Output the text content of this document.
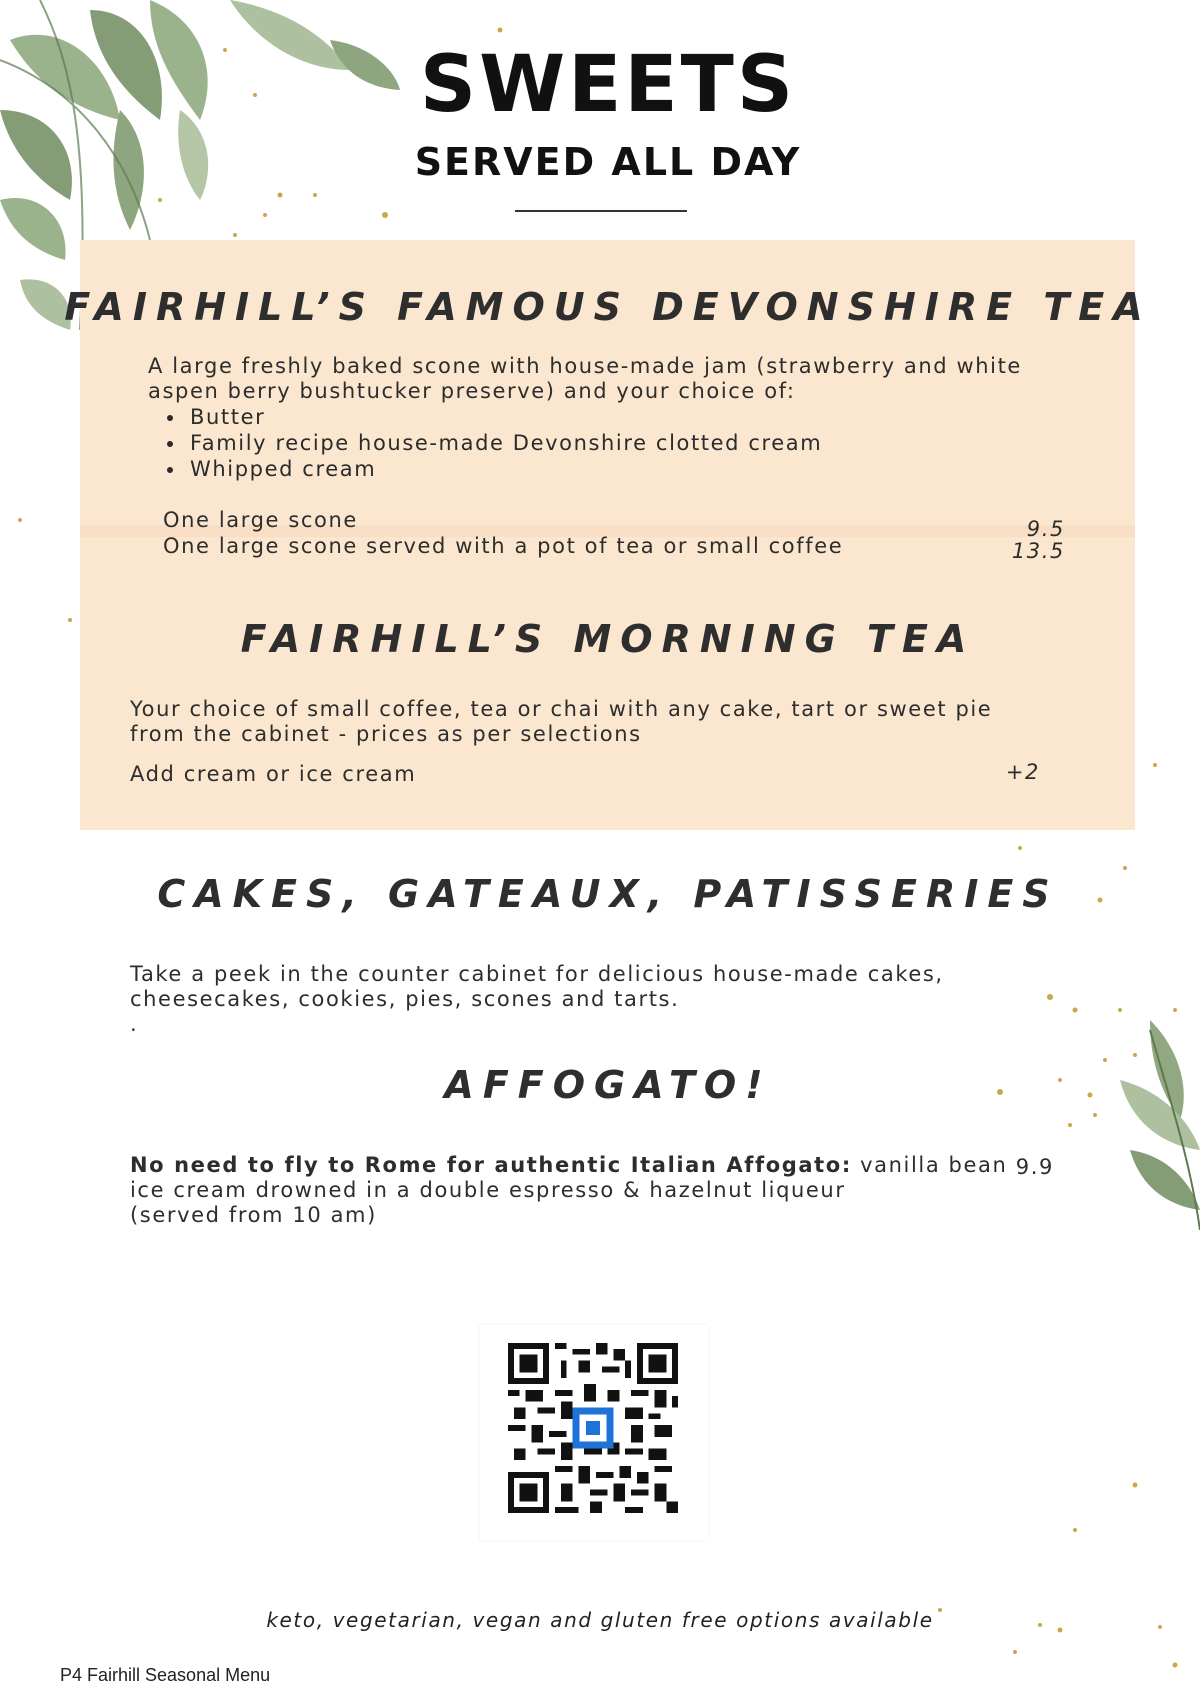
SWEETS
SERVED ALL DAY
FAIRHILL’S FAMOUS DEVONSHIRE TEA
A large freshly baked scone with house-made jam (strawberry and white
aspen berry bushtucker preserve) and your choice of:
• Butter
• Family recipe house-made Devonshire clotted cream
• Whipped cream
One large scone
One large scone served with a pot of tea or small coffee
9.5
13.5
FAIRHILL’S MORNING TEA
Your choice of small coffee, tea or chai with any cake, tart or sweet pie
from the cabinet - prices as per selections
Add cream or ice cream	+2
CAKES, GATEAUX, PATISSERIES
Take a peek in the counter cabinet for delicious house-made cakes,
cheesecakes, cookies, pies, scones and tarts.
.
AFFOGATO!
No need to fly to Rome for authentic Italian Affogato: vanilla bean
ice cream drowned in a double espresso & hazelnut liqueur
(served from 10 am)
9.9
keto, vegetarian, vegan and gluten free options available
P4 Fairhill Seasonal Menu
